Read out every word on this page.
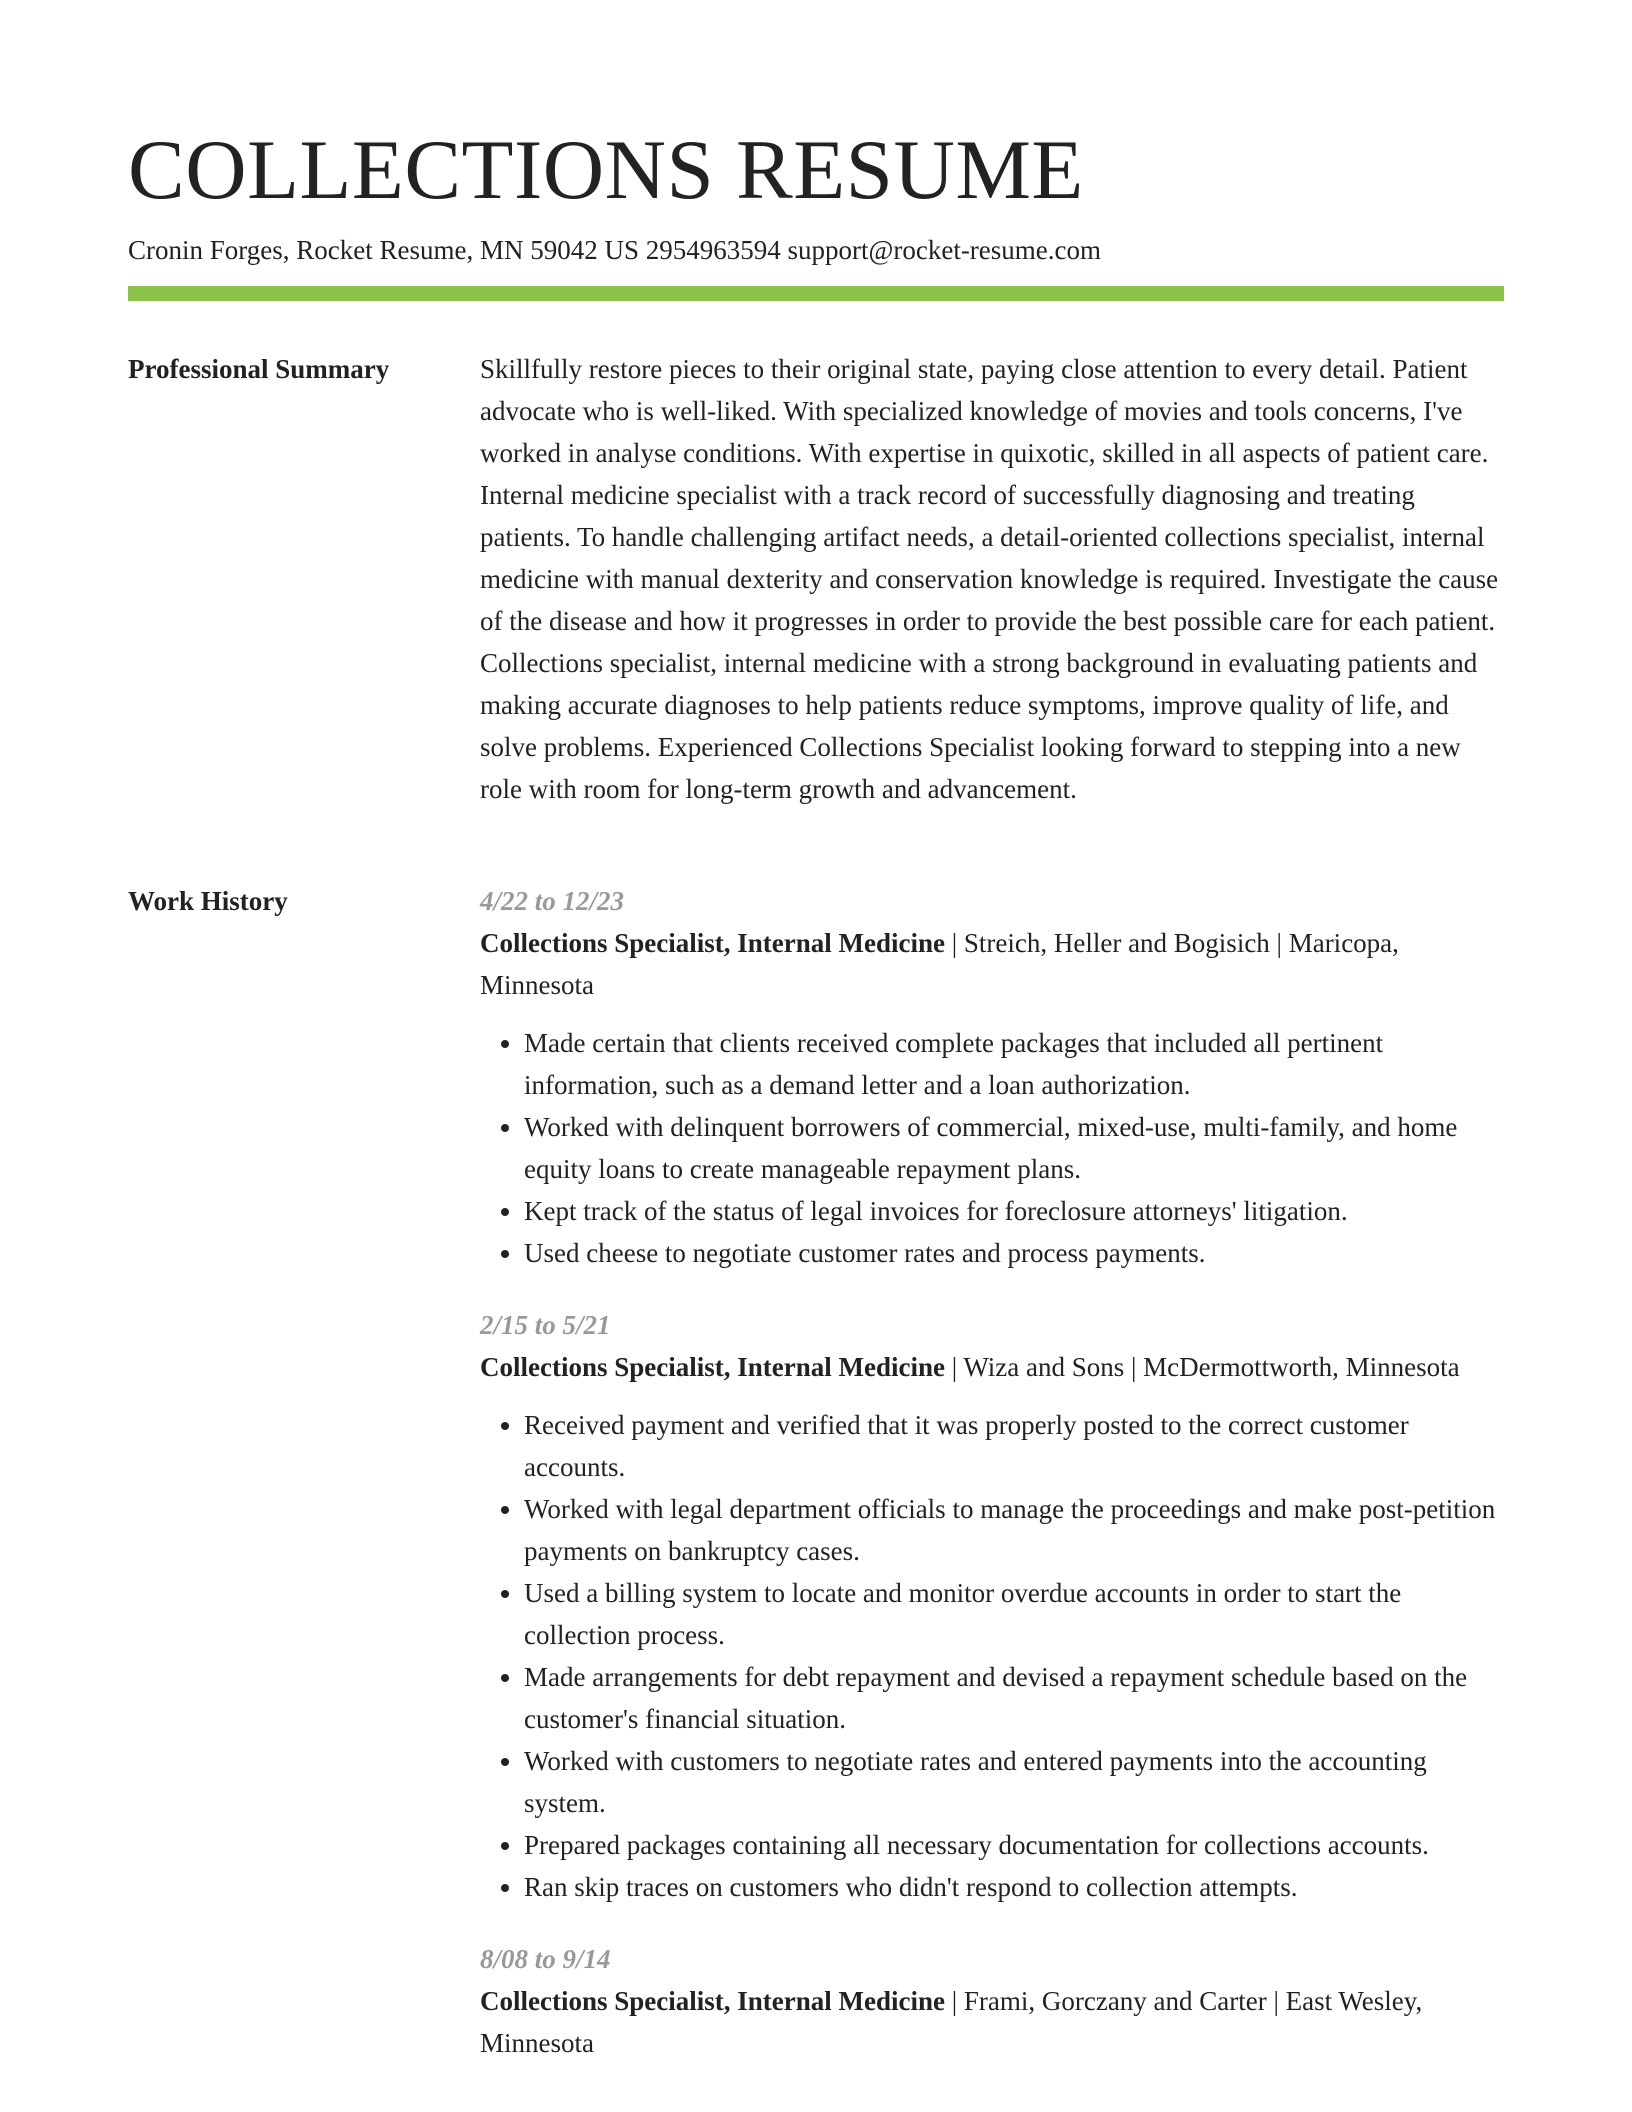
COLLECTIONS RESUME
Cronin Forges, Rocket Resume, MN 59042 US 2954963594 support@rocket-resume.com
Professional Summary	Skillfully restore pieces to their original state, paying close attention to every detail. Patient advocate who is well-liked. With specialized knowledge of movies and tools concerns, I've worked in analyse conditions. With expertise in quixotic, skilled in all aspects of patient care. Internal medicine specialist with a track record of successfully diagnosing and treating patients. To handle challenging artifact needs, a detail-oriented collections specialist, internal medicine with manual dexterity and conservation knowledge is required. Investigate the cause of the disease and how it progresses in order to provide the best possible care for each patient. Collections specialist, internal medicine with a strong background in evaluating patients and making accurate diagnoses to help patients reduce symptoms, improve quality of life, and solve problems. Experienced Collections Specialist looking forward to stepping into a new role with room for long-term growth and advancement.

Work History	4/22 to 12/23

Collections Specialist, Internal Medicine | Streich, Heller and Bogisich | Maricopa, Minnesota

• Made certain that clients received complete packages that included all pertinent information, such as a demand letter and a loan authorization.
• Worked with delinquent borrowers of commercial, mixed-use, multi-family, and home equity loans to create manageable repayment plans.
• Kept track of the status of legal invoices for foreclosure attorneys' litigation.
• Used cheese to negotiate customer rates and process payments.
2/15 to 5/21

Collections Specialist, Internal Medicine | Wiza and Sons | McDermottworth, Minnesota

• Received payment and verified that it was properly posted to the correct customer accounts.
• Worked with legal department officials to manage the proceedings and make post-petition payments on bankruptcy cases.
• Used a billing system to locate and monitor overdue accounts in order to start the collection process.
• Made arrangements for debt repayment and devised a repayment schedule based on the customer's financial situation.
• Worked with customers to negotiate rates and entered payments into the accounting system.
• Prepared packages containing all necessary documentation for collections accounts.
• Ran skip traces on customers who didn't respond to collection attempts.
8/08 to 9/14

Collections Specialist, Internal Medicine | Frami, Gorczany and Carter | East Wesley, Minnesota
